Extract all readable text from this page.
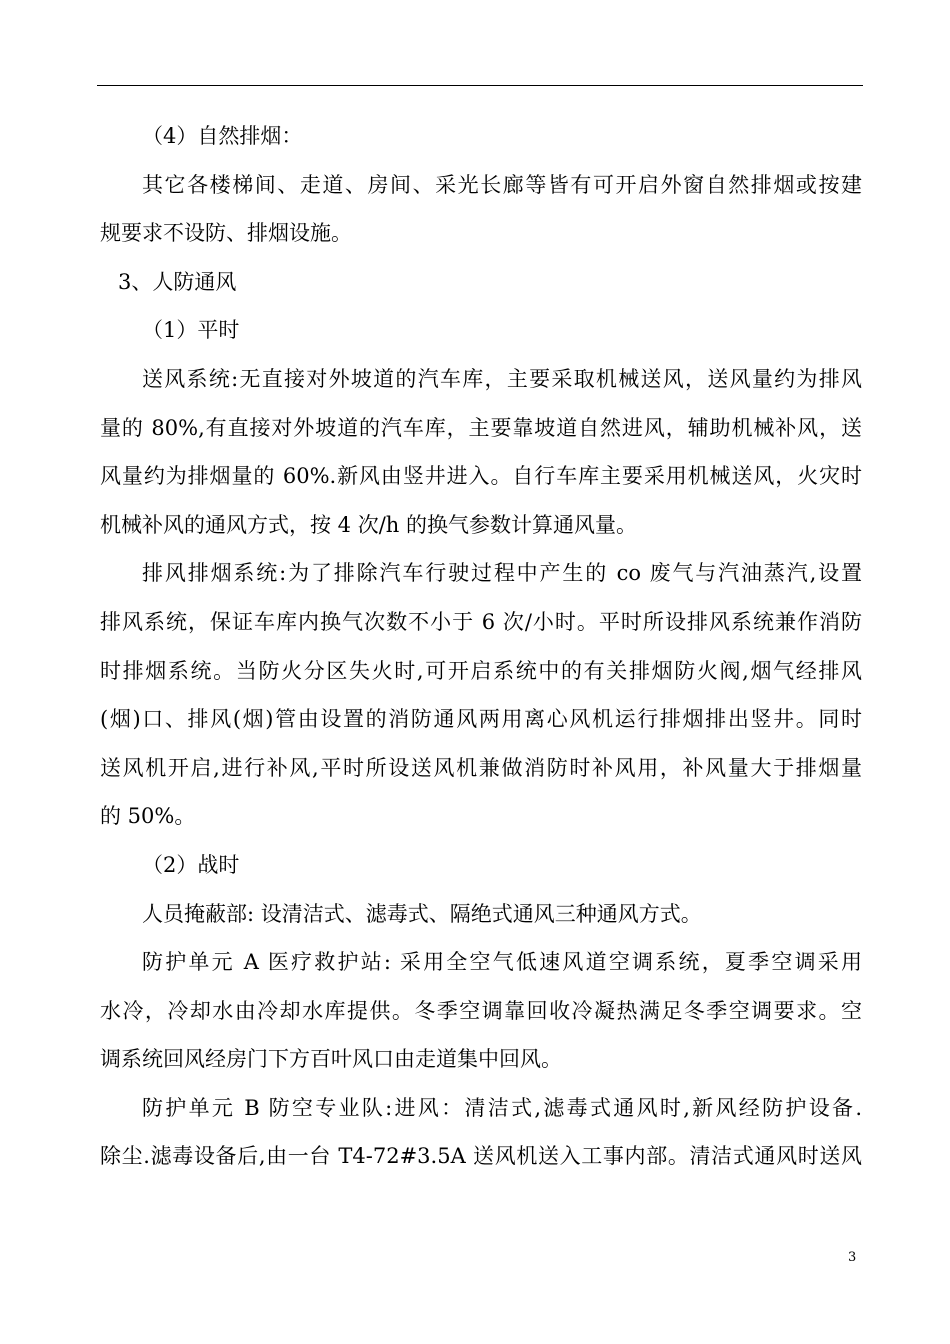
（4）自然排烟：
其它各楼梯间、走道、房间、采光长廊等皆有可开启外窗自然排烟或按建
规要求不设防、排烟设施。
3、人防通风
（1）平时
送风系统:无直接对外坡道的汽车库，主要采取机械送风，送风量约为排风
量的 80%,有直接对外坡道的汽车库，主要靠坡道自然进风，辅助机械补风，送
风量约为排烟量的 60%.新风由竖井进入。自行车库主要采用机械送风，火灾时
机械补风的通风方式，按 4 次/h 的换气参数计算通风量。
排风排烟系统:为了排除汽车行驶过程中产生的 co 废气与汽油蒸汽,设置
排风系统，保证车库内换气次数不小于 6 次/小时。平时所设排风系统兼作消防
时排烟系统。当防火分区失火时,可开启系统中的有关排烟防火阀,烟气经排风
(烟)口、排风(烟)管由设置的消防通风两用离心风机运行排烟排出竖井。同时
送风机开启,进行补风,平时所设送风机兼做消防时补风用，补风量大于排烟量
的 50%。
（2）战时
人员掩蔽部: 设清洁式、滤毒式、隔绝式通风三种通风方式。
防护单元 A 医疗救护站: 采用全空气低速风道空调系统，夏季空调采用
水冷，冷却水由冷却水库提供。冬季空调靠回收冷凝热满足冬季空调要求。空
调系统回风经房门下方百叶风口由走道集中回风。
防护单元 B 防空专业队:进风：清洁式,滤毒式通风时,新风经防护设备.
除尘.滤毒设备后,由一台 T4-72#3.5A 送风机送入工事内部。清洁式通风时送风
3
